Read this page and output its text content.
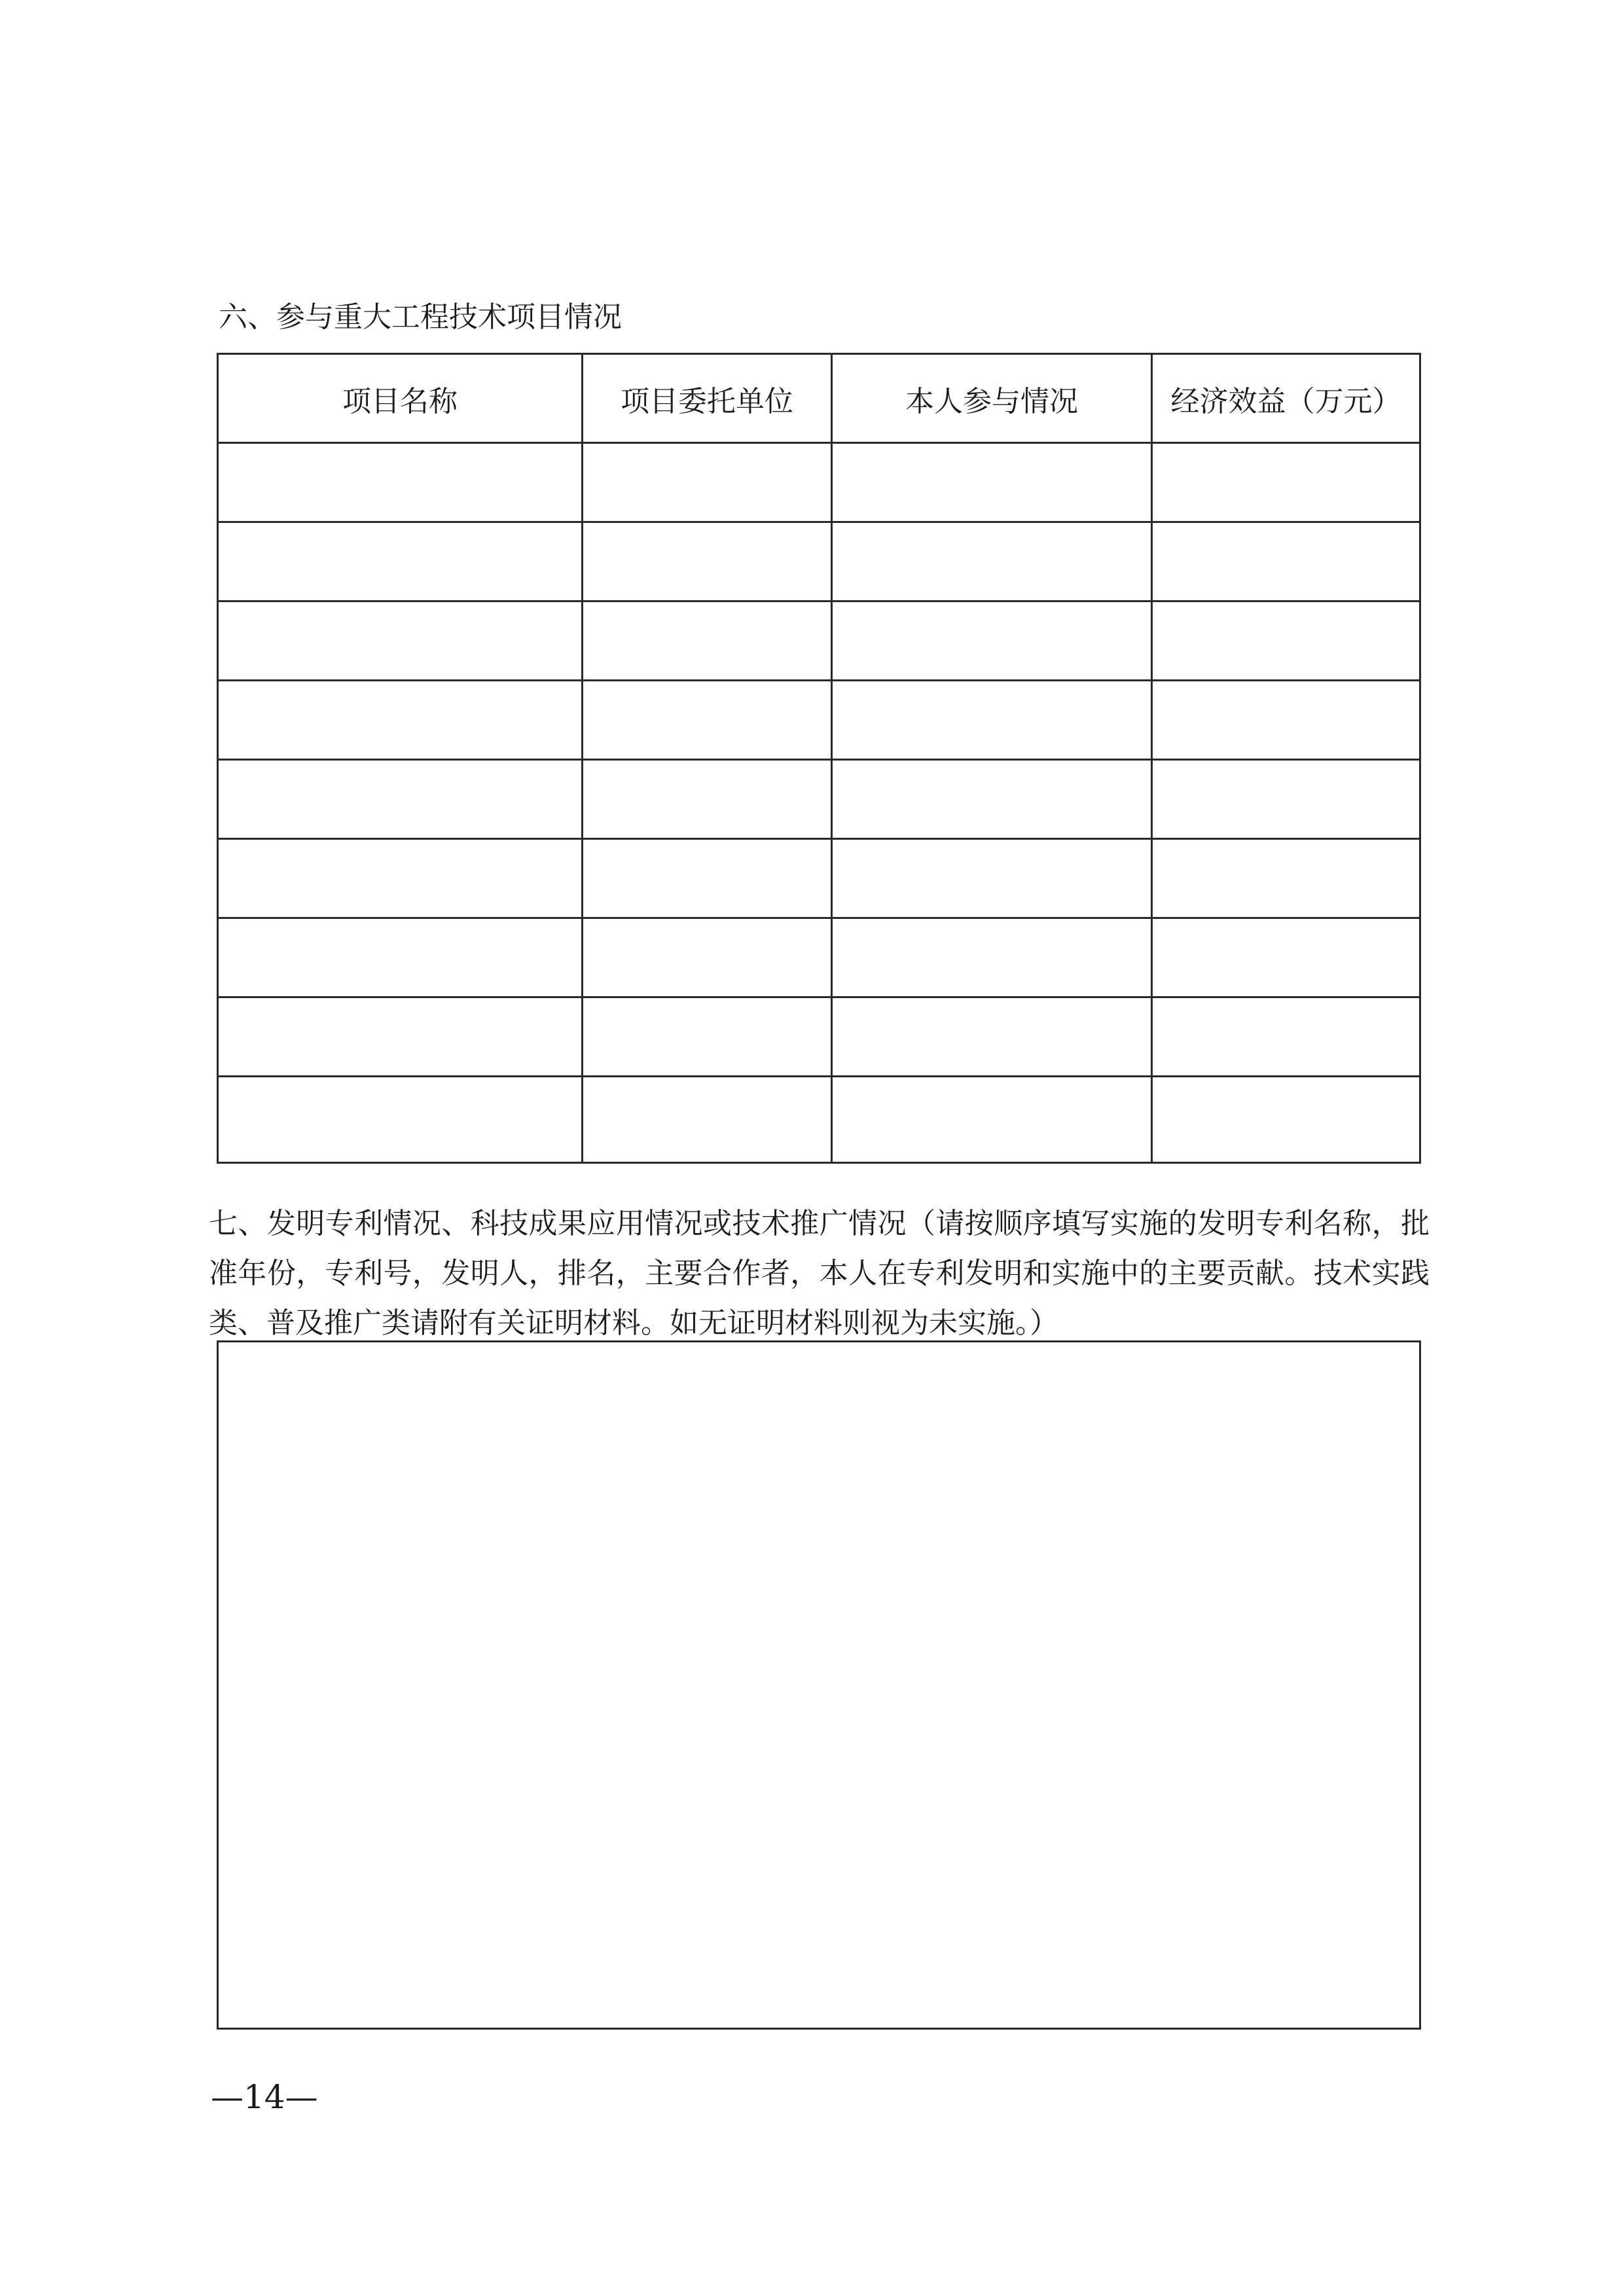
六、参与重大工程技术项目情况
项目名称	项目委托单位	本人参与情况	经济效益（万元）

七、发明专利情况、科技成果应用情况或技术推广情况（请按顺序填写实施的发明专利名称，批准年份，专利号，发明人，排名，主要合作者，本人在专利发明和实施中的主要贡献。技术实践类、普及推广类请附有关证明材料。如无证明材料则视为未实施。）
—14—
